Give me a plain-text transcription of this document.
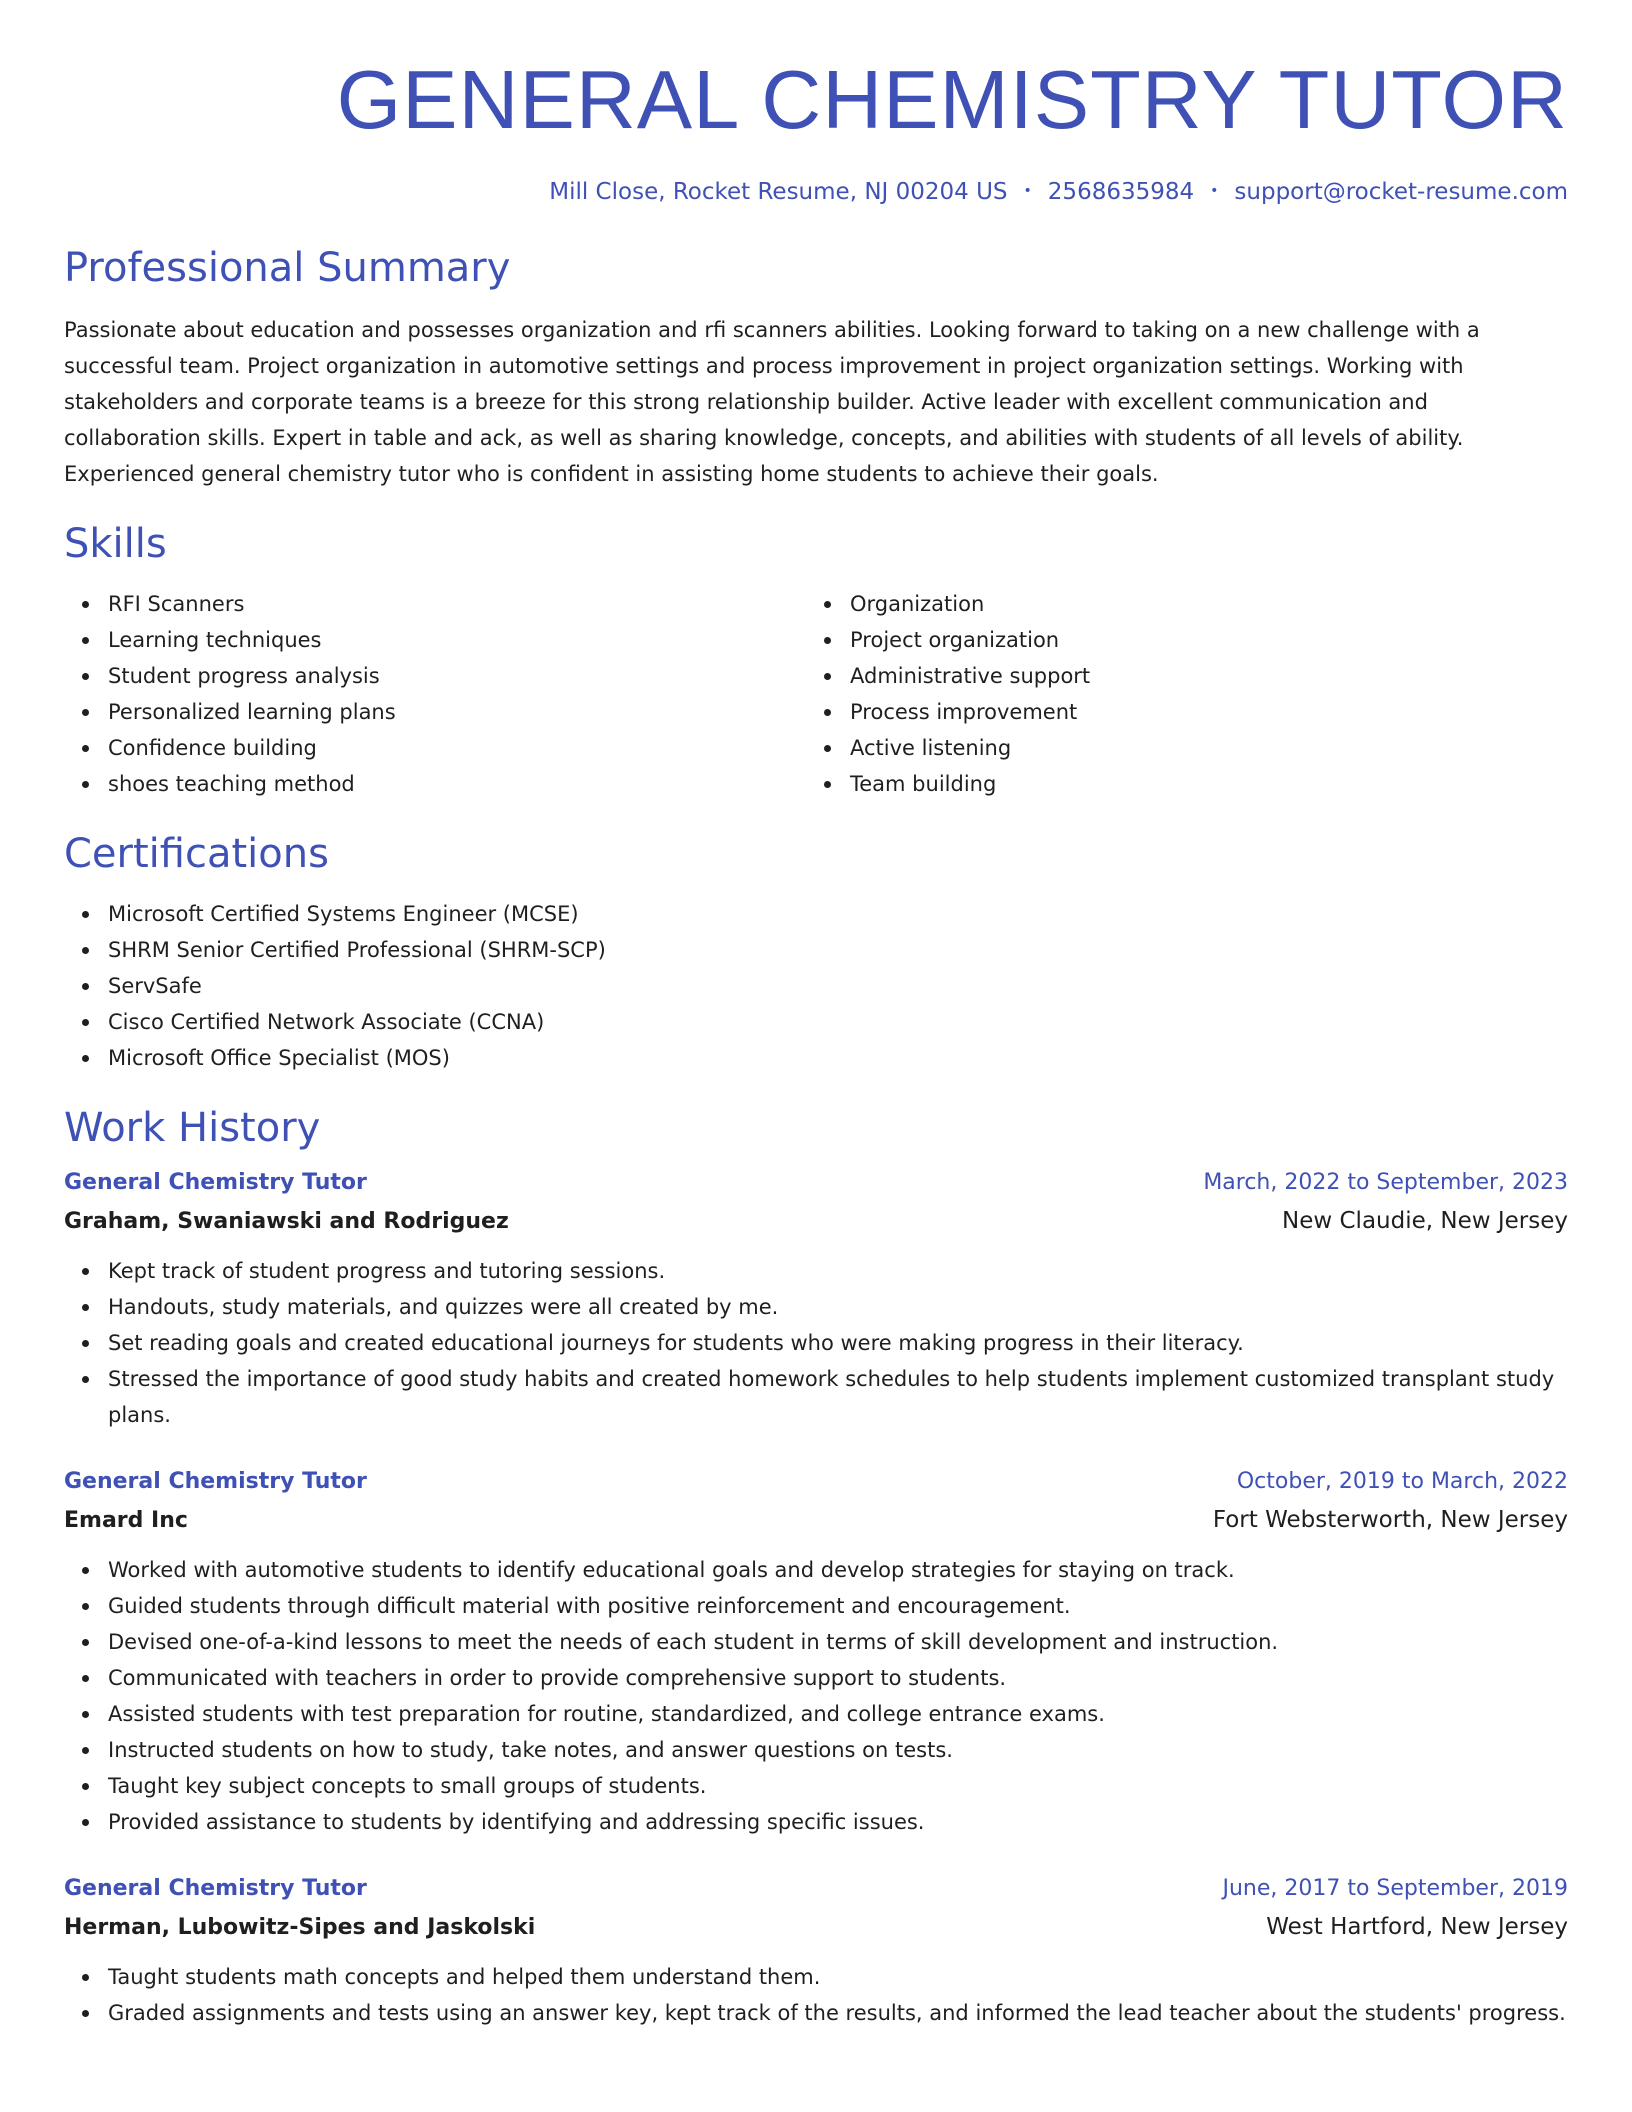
GENERAL CHEMISTRY TUTOR
Mill Close, Rocket Resume, NJ 00204 US • 2568635984 • support@rocket-resume.com
Professional Summary

Passionate about education and possesses organization and rfi scanners abilities. Looking forward to taking on a new challenge with a successful team. Project organization in automotive settings and process improvement in project organization settings. Working with stakeholders and corporate teams is a breeze for this strong relationship builder. Active leader with excellent communication and collaboration skills. Expert in table and ack, as well as sharing knowledge, concepts, and abilities with students of all levels of ability. Experienced general chemistry tutor who is confident in assisting home students to achieve their goals.

Skills
RFI Scanners
Learning techniques
Student progress analysis
Personalized learning plans
Confidence building
shoes teaching method
Organization
Project organization
Administrative support
Process improvement
Active listening
Team building
Certifications
Microsoft Certified Systems Engineer (MCSE)
SHRM Senior Certified Professional (SHRM-SCP)
ServSafe
Cisco Certified Network Associate (CCNA)
Microsoft Office Specialist (MOS)
Work History
General Chemistry Tutor	March, 2022 to September, 2023
Graham, Swaniawski and Rodriguez	New Claudie, New Jersey
Kept track of student progress and tutoring sessions.
Handouts, study materials, and quizzes were all created by me.
Set reading goals and created educational journeys for students who were making progress in their literacy.
Stressed the importance of good study habits and created homework schedules to help students implement customized transplant study plans.
General Chemistry Tutor	October, 2019 to March, 2022
Emard Inc	Fort Websterworth, New Jersey
Worked with automotive students to identify educational goals and develop strategies for staying on track.
Guided students through difficult material with positive reinforcement and encouragement.
Devised one-of-a-kind lessons to meet the needs of each student in terms of skill development and instruction.
Communicated with teachers in order to provide comprehensive support to students.
Assisted students with test preparation for routine, standardized, and college entrance exams.
Instructed students on how to study, take notes, and answer questions on tests.
Taught key subject concepts to small groups of students.
Provided assistance to students by identifying and addressing specific issues.
General Chemistry Tutor	June, 2017 to September, 2019
Herman, Lubowitz-Sipes and Jaskolski	West Hartford, New Jersey
Taught students math concepts and helped them understand them.
Graded assignments and tests using an answer key, kept track of the results, and informed the lead teacher about the students' progress.
